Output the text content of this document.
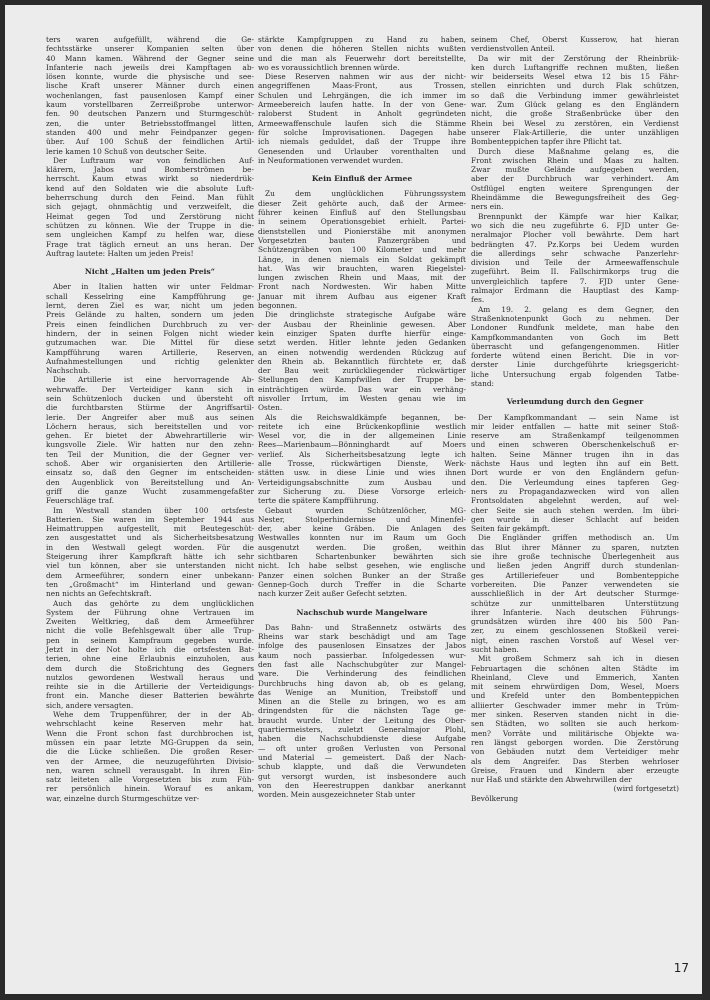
ters waren aufgefüllt, während die Ge-
fechtsstärke unserer Kompanien selten über
40 Mann kamen. Während der Gegner seine
Infanterie nach jeweils drei Kampftagen ab-
lösen konnte, wurde die physische und see-
lische Kraft unserer Männer durch einen
wochenlangen, fast pausenlosen Kampf einer
kaum vorstellbaren Zerreißprobe unterwor-
fen. 90 deutschen Panzern und Sturmgeschüt-
zen, die unter Betriebsstoffmangel litten,
standen 400 und mehr Feindpanzer gegen-
über. Auf 100 Schuß der feindlichen Artil-
lerie kamen 10 Schuß von deutscher Seite.
Der Luftraum war von feindlichen Auf-
klärern, Jabos und Bomberströmen be-
herrscht. Kaum etwas wirkt so niederdrük-
kend auf den Soldaten wie die absolute Luft-
beherrschung durch den Feind. Man fühlt
sich gejagt, ohnmächtig und verzweifelt, die
Heimat gegen Tod und Zerstörung nicht
schützen zu können. Wie der Truppe in die-
sem ungleichen Kampf zu helfen war, diese
Frage trat täglich erneut an uns heran. Der
Auftrag lautete: Halten um jeden Preis!
Nicht „Halten um jeden Preis“
Aber in Italien hatten wir unter Feldmar-
schall Kesselring eine Kampfführung ge-
lernt, deren Ziel es war, nicht um jeden
Preis Gelände zu halten, sondern um jeden
Preis einen feindlichen Durchbruch zu ver-
hindern, der in seinen Folgen nicht wieder
gutzumachen war. Die Mittel für diese
Kampfführung waren Artillerie, Reserven,
Aufnahmestellungen und richtig gelenkter
Nachschub.
Die Artillerie ist eine hervorragende Ab-
wehrwaffe. Der Verteidiger kann sich in
sein Schützenloch ducken und übersteht oft
die furchtbarsten Stürme der Angriffsartil-
lerie. Der Angreifer aber muß aus seinen
Löchern heraus, sich bereitstellen und vor-
gehen. Er bietet der Abwehrartillerie wir-
kungsvolle Ziele. Wir hatten nur den zehn-
ten Teil der Munition, die der Gegner ver-
schoß. Aber wir organisierten den Artillerie-
einsatz so, daß den Gegner im entscheiden-
den Augenblick von Bereitstellung und An-
griff die ganze Wucht zusammengefaßter
Feuerschläge traf.
Im Westwall standen über 100 ortsfeste
Batterien. Sie waren im September 1944 aus
Heimattruppen aufgestellt, mit Beutegeschüt-
zen ausgestattet und als Sicherheitsbesatzung
in den Westwall gelegt worden. Für die
Steigerung ihrer Kampfkraft hätte ich sehr
viel tun können, aber sie unterstanden nicht
dem Armeeführer, sondern einer unbekann-
ten „Großmacht“ im Hinterland und gewan-
nen nichts an Gefechtskraft.
Auch das gehörte zu dem unglücklichen
System der Führung ohne Vertrauen im
Zweiten Weltkrieg, daß dem Armeeführer
nicht die volle Befehlsgewalt über alle Trup-
pen in seinem Kampfraum gegeben wurde.
Jetzt in der Not holte ich die ortsfesten Bat-
terien, ohne eine Erlaubnis einzuholen, aus
dem durch die Stoßrichtung des Gegners
nutzlos gewordenen Westwall heraus und
reihte sie in die Artillerie der Verteidigungs-
front ein. Manche dieser Batterien bewährte
sich, andere versagten.
Wehe dem Truppenführer, der in der Ab-
wehrschlacht keine Reserven mehr hat.
Wenn die Front schon fast durchbrochen ist,
müssen ein paar letzte MG-Gruppen da sein,
die die Lücke schließen. Die großen Reser-
ven der Armee, die neuzugeführten Divisio-
nen, waren schnell verausgabt. In ihren Ein-
satz leiteten alle Vorgesetzten bis zum Füh-
rer persönlich hinein. Worauf es ankam,
war, einzelne durch Sturmgeschütze ver-
stärkte Kampfgruppen zu Hand zu haben,
von denen die höheren Stellen nichts wußten
und die man als Feuerwehr dort bereitstellte,
wo es voraussichtlich brennen würde.
Diese Reserven nahmen wir aus der nicht-
angegriffenen Maas-Front, aus Trossen,
Schulen und Lehrgängen, die ich immer im
Armeebereich laufen hatte. In der von Gene-
raloberst Student in Anholt gegründeten
Armeewaffenschule laufen sich die Stämme
für solche Improvisationen. Dagegen habe
ich niemals geduldet, daß der Truppe ihre
Genesenden und Urlauber vorenthalten und
in Neuformationen verwendet wurden.
Kein Einfluß der Armee
Zu dem unglücklichen Führungssystem
dieser Zeit gehörte auch, daß der Armee-
führer keinen Einfluß auf den Stellungsbau
in seinem Operationsgebiet erhielt. Partei-
dienststellen und Pionierstäbe mit anonymen
Vorgesetzten bauten Panzergräben und
Schützengräben von 100 Kilometer und mehr
Länge, in denen niemals ein Soldat gekämpft
hat. Was wir brauchten, waren Riegelstel-
lungen zwischen Rhein und Maas, mit der
Front nach Nordwesten. Wir haben Mitte
Januar mit ihrem Aufbau aus eigener Kraft
begonnen.
Die dringlichste strategische Aufgabe wäre
der Ausbau der Rheinlinie gewesen. Aber
kein einziger Spaten durfte hierfür einge-
setzt werden. Hitler lehnte jeden Gedanken
an einen notwendig werdenden Rückzug auf
den Rhein ab. Bekanntlich fürchtete er, daß
der Bau weit zurückliegender rückwärtiger
Stellungen den Kampfwillen der Truppe be-
einträchtigen würde. Das war ein verhäng-
nisvoller Irrtum, im Westen genau wie im
Osten.
Als die Reichswaldkämpfe begannen, be-
reitete ich eine Brückenkopflinie westlich
Wesel vor, die in der allgemeinen Linie
Rees—Marienbaum—Bönninghardt auf Moers
verlief. Als Sicherheitsbesatzung legte ich
alle Trosse, rückwärtigen Dienste, Werk-
stätten usw. in diese Linie und wies ihnen
Verteidigungsabschnitte zum Ausbau und
zur Sicherung zu. Diese Vorsorge erleich-
terte die spätere Kampfführung.
Gebaut wurden Schützenlöcher, MG-
Nester, Stolperhindernisse und Minenfel-
der, aber keine Gräben. Die Anlagen des
Westwalles konnten nur im Raum um Goch
ausgenutzt werden. Die großen, weithin
sichtbaren Schartenbunker bewährten sich
nicht. Ich habe selbst gesehen, wie englische
Panzer einen solchen Bunker an der Straße
Gennep-Goch durch Treffer in die Scharte
nach kurzer Zeit außer Gefecht setzten.
Nachschub wurde Mangelware
Das Bahn- und Straßennetz ostwärts des
Rheins war stark beschädigt und am Tage
infolge des pausenlosen Einsatzes der Jabos
kaum noch passierbar. Infolgedessen wur-
den fast alle Nachschubgüter zur Mangel-
ware. Die Verhinderung des feindlichen
Durchbruchs hing davon ab, ob es gelang,
das Wenige an Munition, Treibstoff und
Minen an die Stelle zu bringen, wo es am
dringendsten für die nächsten Tage ge-
braucht wurde. Unter der Leitung des Ober-
quartiermeisters, zuletzt Generalmajor Plohl,
haben die Nachschubdienste diese Aufgabe
— oft unter großen Verlusten von Personal
und Material — gemeistert. Daß der Nach-
schub klappte, und daß die Verwundeten
gut versorgt wurden, ist insbesondere auch
von den Heerestruppen dankbar anerkannt
worden. Mein ausgezeichneter Stab unter
seinem Chef, Oberst Kusserow, hat hieran
verdienstvollen Anteil.
Da wir mit der Zerstörung der Rheinbrük-
ken durch Luftangriffe rechnen mußten, ließen
wir beiderseits Wesel etwa 12 bis 15 Fähr-
stellen einrichten und durch Flak schützen,
so daß die Verbindung immer gewährleistet
war. Zum Glück gelang es den Engländern
nicht, die große Straßenbrücke über den
Rhein bei Wesel zu zerstören, ein Verdienst
unserer Flak-Artillerie, die unter unzähligen
Bombenteppichen tapfer ihre Pflicht tat.
Durch diese Maßnahme gelang es, die
Front zwischen Rhein und Maas zu halten.
Zwar mußte Gelände aufgegeben werden,
aber der Durchbruch war verhindert. Am
Ostflügel engten weitere Sprengungen der
Rheindämme die Bewegungsfreiheit des Geg-
ners ein.
Brennpunkt der Kämpfe war hier Kalkar,
wo sich die neu zugeführte 6. FJD unter Ge-
neralmajor Plocher voll bewährte. Dem hart
bedrängten 47. Pz.Korps bei Uedem wurden
die allerdings sehr schwache Panzerlehr-
division und Teile der Armeewaffenschule
zugeführt. Beim II. Fallschirmkorps trug die
unvergleichlich tapfere 7. FJD unter Gene-
ralmajor Erdmann die Hauptlast des Kamp-
fes.
Am 19. 2. gelang es dem Gegner, den
Straßenknotenpunkt Goch zu nehmen. Der
Londoner Rundfunk meldete, man habe den
Kampfkommandanten von Goch im Bett
überrascht und gefangengenommen. Hitler
forderte wütend einen Bericht. Die in vor-
derster Linie durchgeführte kriegsgericht-
liche Untersuchung ergab folgenden Tatbe-
stand:
Verleumdung durch den Gegner
Der Kampfkommandant — sein Name ist
mir leider entfallen — hatte mit seiner Stoß-
reserve am Straßenkampf teilgenommen
und einen schweren Oberschenkelschuß er-
halten. Seine Männer trugen ihn in das
nächste Haus und legten ihn auf ein Bett.
Dort wurde er von den Engländern gefun-
den. Die Verleumdung eines tapferen Geg-
ners zu Propagandazwecken wird von allen
Frontsoldaten abgelehnt werden, auf wel-
cher Seite sie auch stehen werden. Im übri-
gen wurde in dieser Schlacht auf beiden
Seiten fair gekämpft.
Die Engländer griffen methodisch an. Um
das Blut ihrer Männer zu sparen, nutzten
sie ihre große technische Überlegenheit aus
und ließen jeden Angriff durch stundenlan-
ges Artilleriefeuer und Bombenteppiche
vorbereiten. Die Panzer verwendeten sie
ausschließlich in der Art deutscher Sturmge-
schütze zur unmittelbaren Unterstützung
ihrer Infanterie. Nach deutschen Führungs-
grundsätzen würden ihre 400 bis 500 Pan-
zer, zu einem geschlossenen Stoßkeil verei-
nigt, einen raschen Vorstoß auf Wesel ver-
sucht haben.
Mit großem Schmerz sah ich in diesen
Februartagen die schönen alten Städte im
Rheinland, Cleve und Emmerich, Xanten
mit seinem ehrwürdigen Dom, Wesel, Moers
und Krefeld unter den Bombenteppichen
alliierter Geschwader immer mehr in Trüm-
mer sinken. Reserven standen nicht in die-
sen Städten, wo sollten sie auch herkom-
men? Vorräte und militärische Objekte wa-
ren längst geborgen worden. Die Zerstörung
von Gebäuden nutzt dem Verteidiger mehr
als dem Angreifer. Das Sterben wehrloser
Greise, Frauen und Kindern aber erzeugte
nur Haß und stärkte den Abwehrwillen der
(wird fortgesetzt)
Bevölkerung
17
